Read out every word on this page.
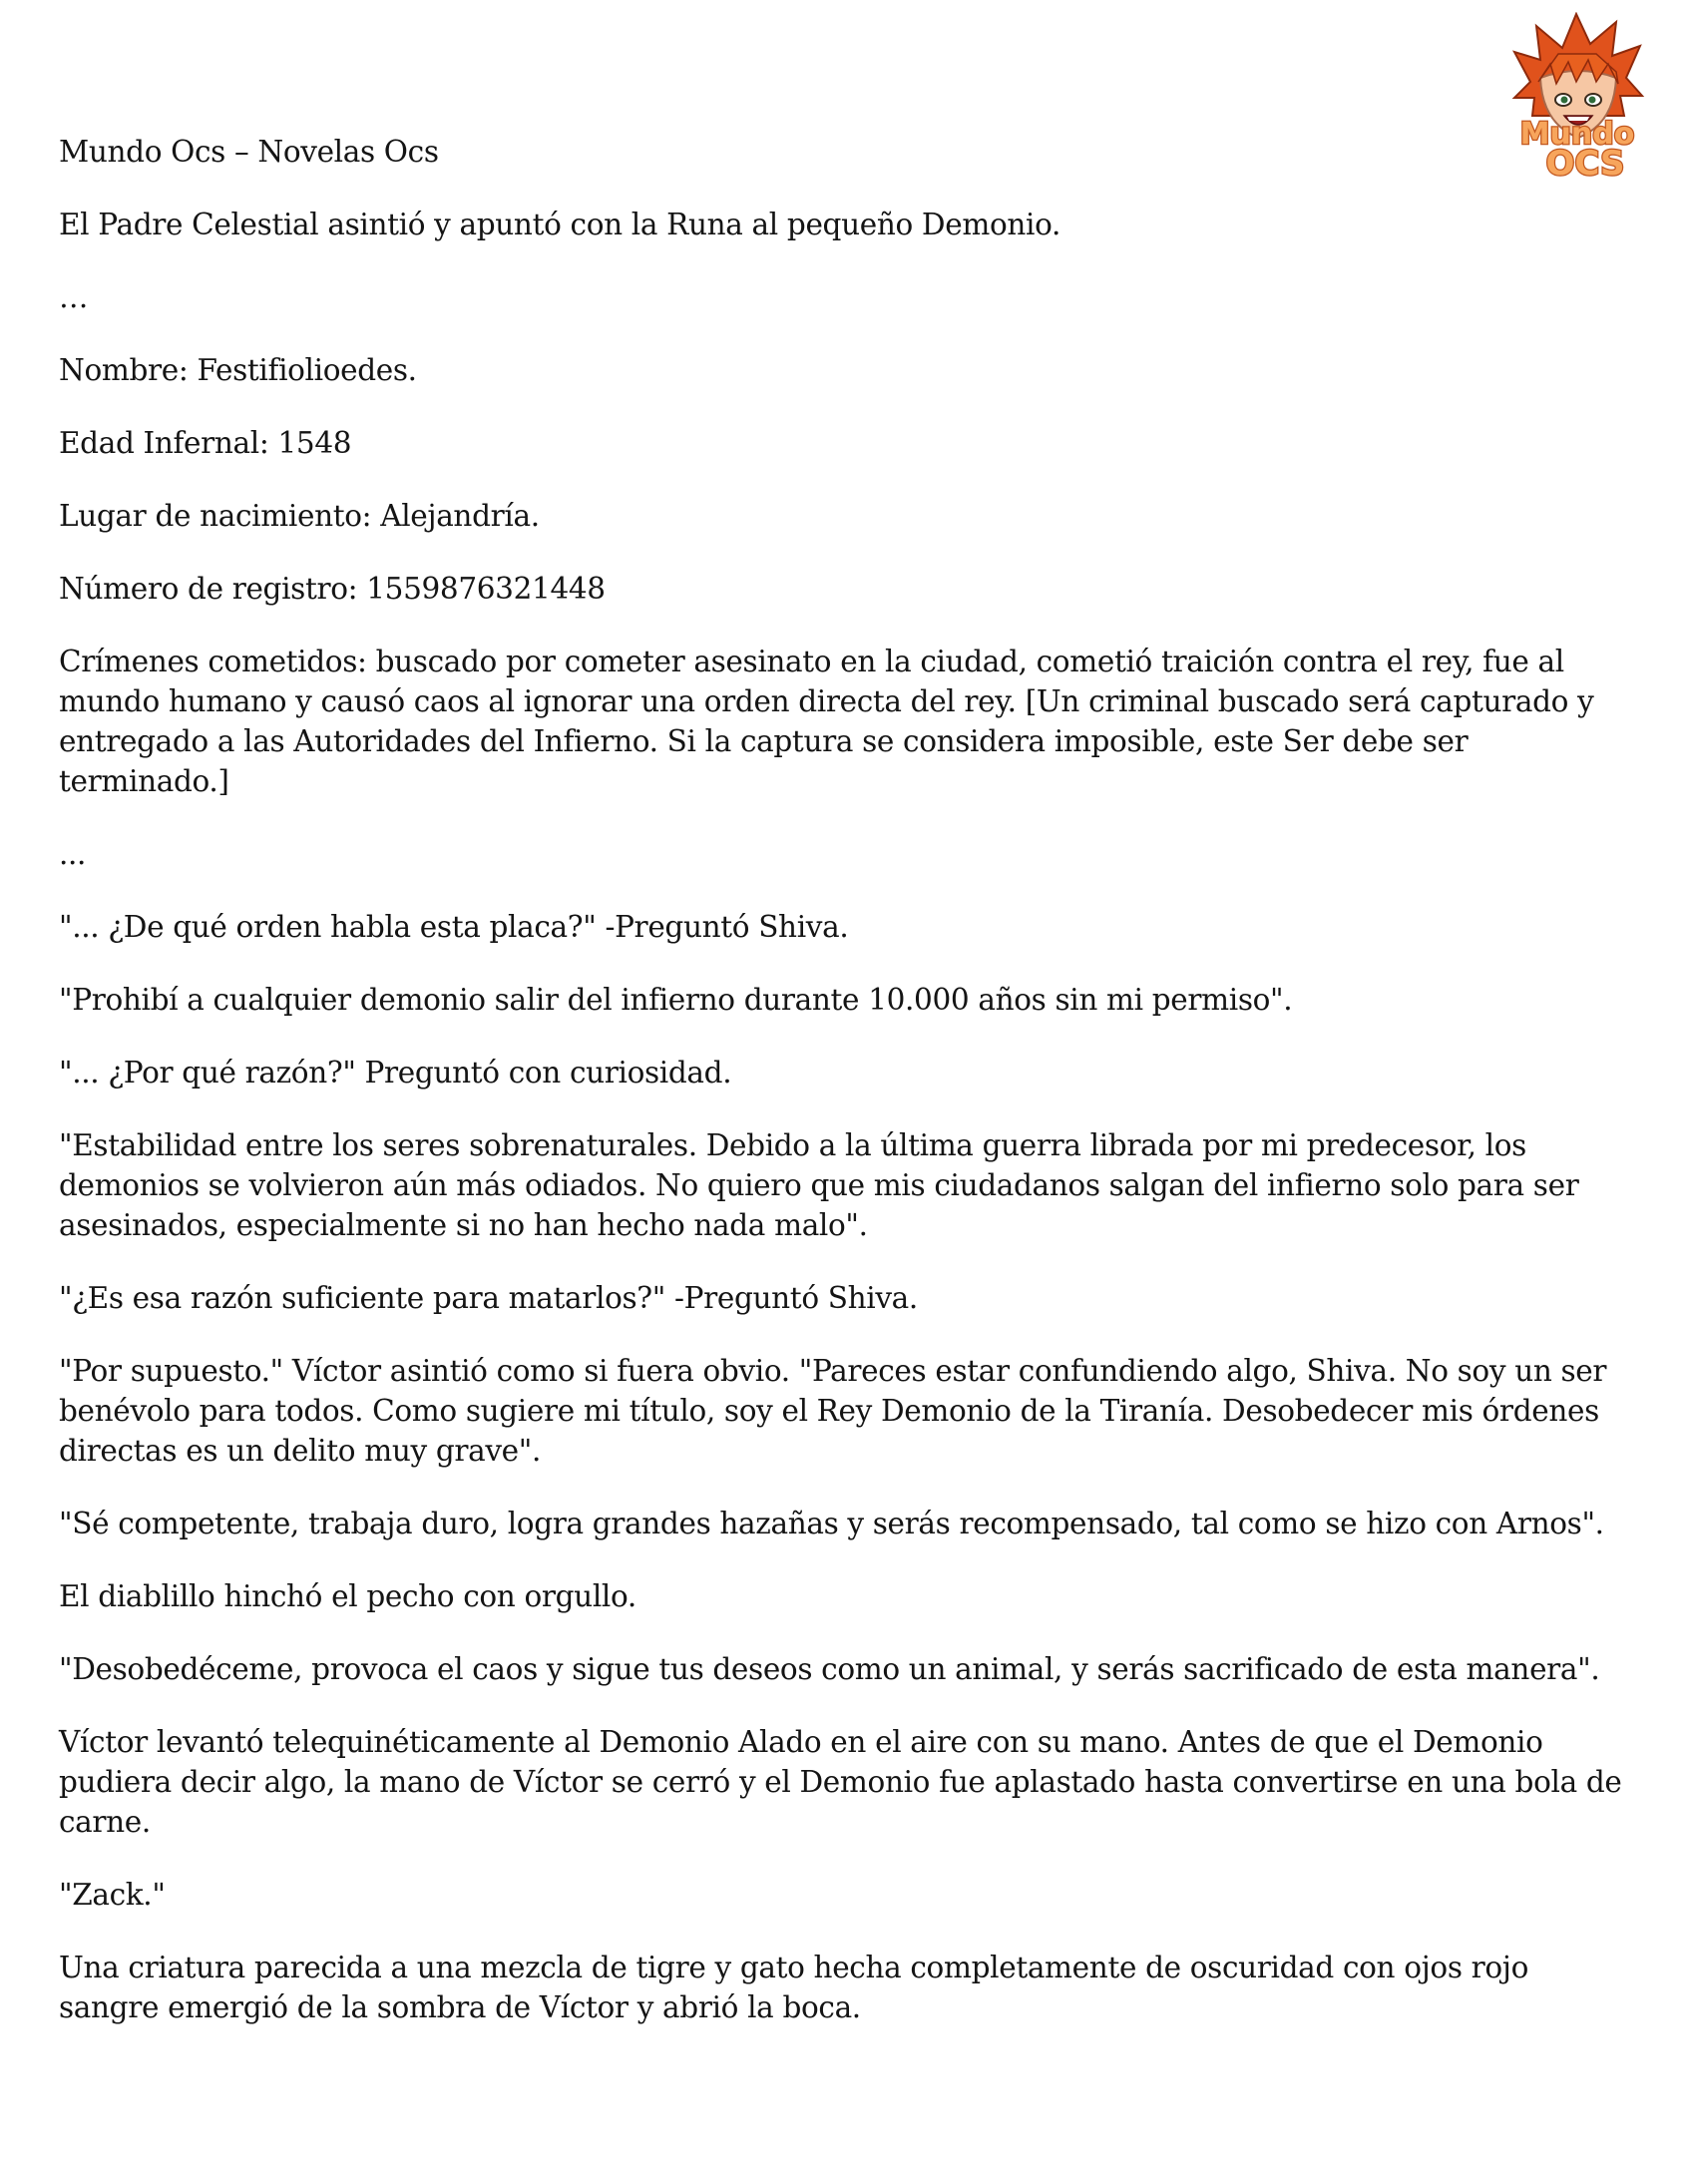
Mundo
OCS

Mundo Ocs – Novelas Ocs

El Padre Celestial asintió y apuntó con la Runa al pequeño Demonio.

…

Nombre: Festifiolioedes.

Edad Infernal: 1548

Lugar de nacimiento: Alejandría.

Número de registro: 1559876321448

Crímenes cometidos: buscado por cometer asesinato en la ciudad, cometió traición contra el rey, fue al mundo humano y causó caos al ignorar una orden directa del rey. [Un criminal buscado será capturado y entregado a las Autoridades del Infierno. Si la captura se considera imposible, este Ser debe ser terminado.]

...

"... ¿De qué orden habla esta placa?" -Preguntó Shiva.

"Prohibí a cualquier demonio salir del infierno durante 10.000 años sin mi permiso".

"... ¿Por qué razón?" Preguntó con curiosidad.

"Estabilidad entre los seres sobrenaturales. Debido a la última guerra librada por mi predecesor, los demonios se volvieron aún más odiados. No quiero que mis ciudadanos salgan del infierno solo para ser asesinados, especialmente si no han hecho nada malo".

"¿Es esa razón suficiente para matarlos?" -Preguntó Shiva.

"Por supuesto." Víctor asintió como si fuera obvio. "Pareces estar confundiendo algo, Shiva. No soy un ser benévolo para todos. Como sugiere mi título, soy el Rey Demonio de la Tiranía. Desobedecer mis órdenes directas es un delito muy grave".

"Sé competente, trabaja duro, logra grandes hazañas y serás recompensado, tal como se hizo con Arnos".

El diablillo hinchó el pecho con orgullo.

"Desobedéceme, provoca el caos y sigue tus deseos como un animal, y serás sacrificado de esta manera".

Víctor levantó telequinéticamente al Demonio Alado en el aire con su mano. Antes de que el Demonio pudiera decir algo, la mano de Víctor se cerró y el Demonio fue aplastado hasta convertirse en una bola de carne.

"Zack."

Una criatura parecida a una mezcla de tigre y gato hecha completamente de oscuridad con ojos rojo sangre emergió de la sombra de Víctor y abrió la boca.
